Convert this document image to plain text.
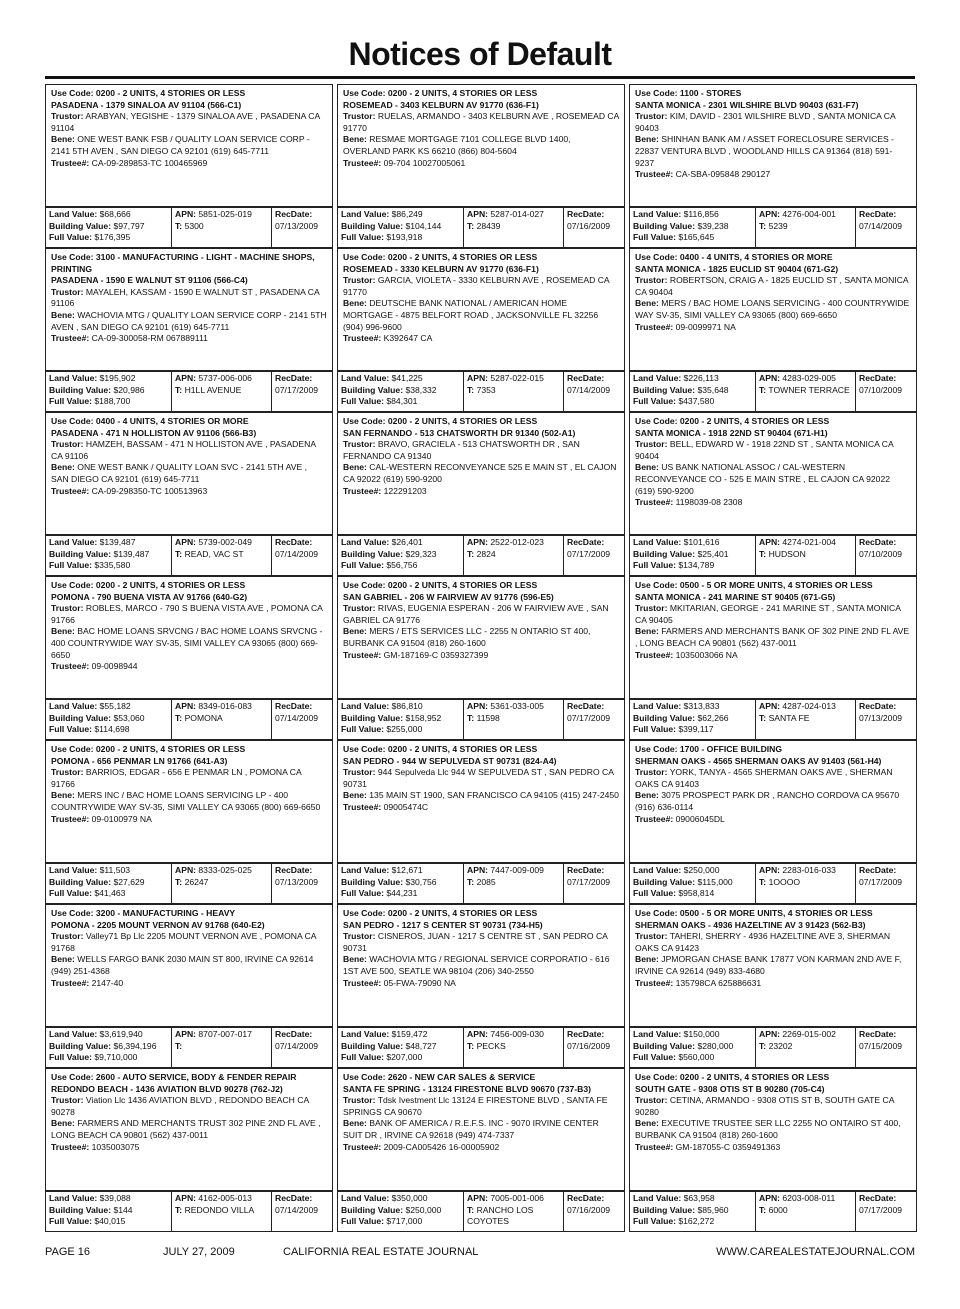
Notices of Default
Use Code: 0200 - 2 UNITS, 4 STORIES OR LESS
PASADENA - 1379 SINALOA AV 91104 (566-C1)
Trustor: ARABYAN, YEGISHE - 1379 SINALOA AVE , PASADENA CA 91104
Bene: ONE WEST BANK FSB / QUALITY LOAN SERVICE CORP - 2141 5TH AVEN , SAN DIEGO CA 92101 (619) 645-7711
Trustee#: CA-09-289853-TC 100465969
Land Value: $68,666
Building Value: $97,797
Full Value: $176,395
APN: 5851-025-019
T: 5300
RecDate:
07/13/2009
Use Code: 0200 - 2 UNITS, 4 STORIES OR LESS
ROSEMEAD - 3403 KELBURN AV 91770 (636-F1)
Trustor: RUELAS, ARMANDO - 3403 KELBURN AVE , ROSEMEAD CA 91770
Bene: RESMAE MORTGAGE 7101 COLLEGE BLVD 1400, OVERLAND PARK KS 66210 (866) 804-5604
Trustee#: 09-704 10027005061
Land Value: $86,249
Building Value: $104,144
Full Value: $193,918
APN: 5287-014-027
T: 28439
RecDate:
07/16/2009
Use Code: 1100 - STORES
SANTA MONICA - 2301 WILSHIRE BLVD 90403 (631-F7)
Trustor: KIM, DAVID - 2301 WILSHIRE BLVD , SANTA MONICA CA 90403
Bene: SHINHAN BANK AM / ASSET FORECLOSURE SERVICES - 22837 VENTURA BLVD , WOODLAND HILLS CA 91364 (818) 591-9237
Trustee#: CA-SBA-095848 290127
Land Value: $116,856
Building Value: $39,238
Full Value: $165,645
APN: 4276-004-001
T: 5239
RecDate:
07/14/2009
Use Code: 3100 - MANUFACTURING - LIGHT - MACHINE SHOPS, PRINTING
PASADENA - 1590 E WALNUT ST 91106 (566-C4)
Trustor: MAYALEH, KASSAM - 1590 E WALNUT ST , PASADENA CA 91106
Bene: WACHOVIA MTG / QUALITY LOAN SERVICE CORP - 2141 5TH AVEN , SAN DIEGO CA 92101 (619) 645-7711
Trustee#: CA-09-300058-RM 067889111
Land Value: $195,902
Building Value: $20,986
Full Value: $188,700
APN: 5737-006-006
T: H1LL AVENUE
RecDate:
07/17/2009
Use Code: 0200 - 2 UNITS, 4 STORIES OR LESS
ROSEMEAD - 3330 KELBURN AV 91770 (636-F1)
Trustor: GARCIA, VIOLETA - 3330 KELBURN AVE , ROSEMEAD CA 91770
Bene: DEUTSCHE BANK NATIONAL / AMERICAN HOME MORTGAGE - 4875 BELFORT ROAD , JACKSONVILLE FL 32256 (904) 996-9600
Trustee#: K392647 CA
Land Value: $41,225
Building Value: $38,332
Full Value: $84,301
APN: 5287-022-015
T: 7353
RecDate:
07/14/2009
Use Code: 0400 - 4 UNITS, 4 STORIES OR MORE
SANTA MONICA - 1825 EUCLID ST 90404 (671-G2)
Trustor: ROBERTSON, CRAIG A - 1825 EUCLID ST , SANTA MONICA CA 90404
Bene: MERS / BAC HOME LOANS SERVICING - 400 COUNTRYWIDE WAY SV-35, SIMI VALLEY CA 93065 (800) 669-6650
Trustee#: 09-0099971 NA
Land Value: $226,113
Building Value: $35,648
Full Value: $437,580
APN: 4283-029-005
T: TOWNER TERRACE
RecDate:
07/10/2009
Use Code: 0400 - 4 UNITS, 4 STORIES OR MORE
PASADENA - 471 N HOLLISTON AV 91106 (566-B3)
Trustor: HAMZEH, BASSAM - 471 N HOLLISTON AVE , PASADENA CA 91106
Bene: ONE WEST BANK / QUALITY LOAN SVC - 2141 5TH AVE , SAN DIEGO CA 92101 (619) 645-7711
Trustee#: CA-09-298350-TC 100513963
Land Value: $139,487
Building Value: $139,487
Full Value: $335,580
APN: 5739-002-049
T: READ, VAC ST
RecDate:
07/14/2009
Use Code: 0200 - 2 UNITS, 4 STORIES OR LESS
SAN FERNANDO - 513 CHATSWORTH DR 91340 (502-A1)
Trustor: BRAVO, GRACIELA - 513 CHATSWORTH DR , SAN FERNANDO CA 91340
Bene: CAL-WESTERN RECONVEYANCE 525 E MAIN ST , EL CAJON CA 92022 (619) 590-9200
Trustee#: 122291203
Land Value: $26,401
Building Value: $29,323
Full Value: $56,756
APN: 2522-012-023
T: 2824
RecDate:
07/17/2009
Use Code: 0200 - 2 UNITS, 4 STORIES OR LESS
SANTA MONICA - 1918 22ND ST 90404 (671-H1)
Trustor: BELL, EDWARD W - 1918 22ND ST , SANTA MONICA CA 90404
Bene: US BANK NATIONAL ASSOC / CAL-WESTERN RECONVEYANCE CO - 525 E MAIN STRE , EL CAJON CA 92022 (619) 590-9200
Trustee#: 1198039-08 2308
Land Value: $101,616
Building Value: $25,401
Full Value: $134,789
APN: 4274-021-004
T: HUDSON
RecDate:
07/10/2009
Use Code: 0200 - 2 UNITS, 4 STORIES OR LESS
POMONA - 790 BUENA VISTA AV 91766 (640-G2)
Trustor: ROBLES, MARCO - 790 S BUENA VISTA AVE , POMONA CA 91766
Bene: BAC HOME LOANS SRVCNG / BAC HOME LOANS SRVCNG - 400 COUNTRYWIDE WAY SV-35, SIMI VALLEY CA 93065 (800) 669-6650
Trustee#: 09-0098944
Land Value: $55,182
Building Value: $53,060
Full Value: $114,698
APN: 8349-016-083
T: POMONA
RecDate:
07/14/2009
Use Code: 0200 - 2 UNITS, 4 STORIES OR LESS
SAN GABRIEL - 206 W FAIRVIEW AV 91776 (596-E5)
Trustor: RIVAS, EUGENIA ESPERAN - 206 W FAIRVIEW AVE , SAN GABRIEL CA 91776
Bene: MERS / ETS SERVICES LLC - 2255 N ONTARIO ST 400, BURBANK CA 91504 (818) 260-1600
Trustee#: GM-187169-C 0359327399
Land Value: $86,810
Building Value: $158,952
Full Value: $255,000
APN: 5361-033-005
T: 11598
RecDate:
07/17/2009
Use Code: 0500 - 5 OR MORE UNITS, 4 STORIES OR LESS
SANTA MONICA - 241 MARINE ST 90405 (671-G5)
Trustor: MKITARIAN, GEORGE - 241 MARINE ST , SANTA MONICA CA 90405
Bene: FARMERS AND MERCHANTS BANK OF 302 PINE 2ND FL AVE , LONG BEACH CA 90801 (562) 437-0011
Trustee#: 1035003066 NA
Land Value: $313,833
Building Value: $62,266
Full Value: $399,117
APN: 4287-024-013
T: SANTA FE
RecDate:
07/13/2009
Use Code: 0200 - 2 UNITS, 4 STORIES OR LESS
POMONA - 656 PENMAR LN 91766 (641-A3)
Trustor: BARRIOS, EDGAR - 656 E PENMAR LN , POMONA CA 91766
Bene: MERS INC / BAC HOME LOANS SERVICING LP - 400 COUNTRYWIDE WAY SV-35, SIMI VALLEY CA 93065 (800) 669-6650
Trustee#: 09-0100979 NA
Land Value: $11,503
Building Value: $27,629
Full Value: $41,463
APN: 8333-025-025
T: 26247
RecDate:
07/13/2009
Use Code: 0200 - 2 UNITS, 4 STORIES OR LESS
SAN PEDRO - 944 W SEPULVEDA ST 90731 (824-A4)
Trustor: 944 Sepulveda Llc 944 W SEPULVEDA ST , SAN PEDRO CA 90731
Bene: 135 MAIN ST 1900, SAN FRANCISCO CA 94105 (415) 247-2450
Trustee#: 09005474C
Land Value: $12,671
Building Value: $30,756
Full Value: $44,231
APN: 7447-009-009
T: 2085
RecDate:
07/17/2009
Use Code: 1700 - OFFICE BUILDING
SHERMAN OAKS - 4565 SHERMAN OAKS AV 91403 (561-H4)
Trustor: YORK, TANYA - 4565 SHERMAN OAKS AVE , SHERMAN OAKS CA 91403
Bene: 3075 PROSPECT PARK DR , RANCHO CORDOVA CA 95670 (916) 636-0114
Trustee#: 09006045DL
Land Value: $250,000
Building Value: $115,000
Full Value: $958,814
APN: 2283-016-033
T: 1OOOO
RecDate:
07/17/2009
Use Code: 3200 - MANUFACTURING - HEAVY
POMONA - 2205 MOUNT VERNON AV 91768 (640-E2)
Trustor: Valley71 Bp Llc 2205 MOUNT VERNON AVE , POMONA CA 91768
Bene: WELLS FARGO BANK 2030 MAIN ST 800, IRVINE CA 92614 (949) 251-4368
Trustee#: 2147-40
Land Value: $3,619,940
Building Value: $6,394,196
Full Value: $9,710,000
APN: 8707-007-017
T:
RecDate:
07/14/2009
Use Code: 0200 - 2 UNITS, 4 STORIES OR LESS
SAN PEDRO - 1217 S CENTER ST 90731 (734-H5)
Trustor: CISNEROS, JUAN - 1217 S CENTRE ST , SAN PEDRO CA 90731
Bene: WACHOVIA MTG / REGIONAL SERVICE CORPORATIO - 616 1ST AVE 500, SEATLE WA 98104 (206) 340-2550
Trustee#: 05-FWA-79090 NA
Land Value: $159,472
Building Value: $48,727
Full Value: $207,000
APN: 7456-009-030
T: PECKS
RecDate:
07/16/2009
Use Code: 0500 - 5 OR MORE UNITS, 4 STORIES OR LESS
SHERMAN OAKS - 4936 HAZELTINE AV 3 91423 (562-B3)
Trustor: TAHERI, SHERRY - 4936 HAZELTINE AVE 3, SHERMAN OAKS CA 91423
Bene: JPMORGAN CHASE BANK 17877 VON KARMAN 2ND AVE F, IRVINE CA 92614 (949) 833-4680
Trustee#: 135798CA 625886631
Land Value: $150,000
Building Value: $280,000
Full Value: $560,000
APN: 2269-015-002
T: 23202
RecDate:
07/15/2009
Use Code: 2600 - AUTO SERVICE, BODY & FENDER REPAIR
REDONDO BEACH - 1436 AVIATION BLVD 90278 (762-J2)
Trustor: Viation Llc 1436 AVIATION BLVD , REDONDO BEACH CA 90278
Bene: FARMERS AND MERCHANTS TRUST 302 PINE 2ND FL AVE , LONG BEACH CA 90801 (562) 437-0011
Trustee#: 1035003075
Land Value: $39,088
Building Value: $144
Full Value: $40,015
APN: 4162-005-013
T: REDONDO VILLA
RecDate:
07/14/2009
Use Code: 2620 - NEW CAR SALES & SERVICE
SANTA FE SPRING - 13124 FIRESTONE BLVD 90670 (737-B3)
Trustor: Tdsk Ivestment Llc 13124 E FIRESTONE BLVD , SANTA FE SPRINGS CA 90670
Bene: BANK OF AMERICA / R.E.F.S. INC - 9070 IRVINE CENTER SUIT DR , IRVINE CA 92618 (949) 474-7337
Trustee#: 2009-CA005426 16-00005902
Land Value: $350,000
Building Value: $250,000
Full Value: $717,000
APN: 7005-001-006
T: RANCHO LOS COYOTES
RecDate:
07/16/2009
Use Code: 0200 - 2 UNITS, 4 STORIES OR LESS
SOUTH GATE - 9308 OTIS ST B 90280 (705-C4)
Trustor: CETINA, ARMANDO - 9308 OTIS ST B, SOUTH GATE CA 90280
Bene: EXECUTIVE TRUSTEE SER LLC 2255 NO ONTAIRO ST 400, BURBANK CA 91504 (818) 260-1600
Trustee#: GM-187055-C 0359491363
Land Value: $63,958
Building Value: $85,960
Full Value: $162,272
APN: 6203-008-011
T: 6000
RecDate:
07/17/2009
PAGE 16	JULY 27, 2009	CALIFORNIA REAL ESTATE JOURNAL	WWW.CAREALESTATEJOURNAL.COM
